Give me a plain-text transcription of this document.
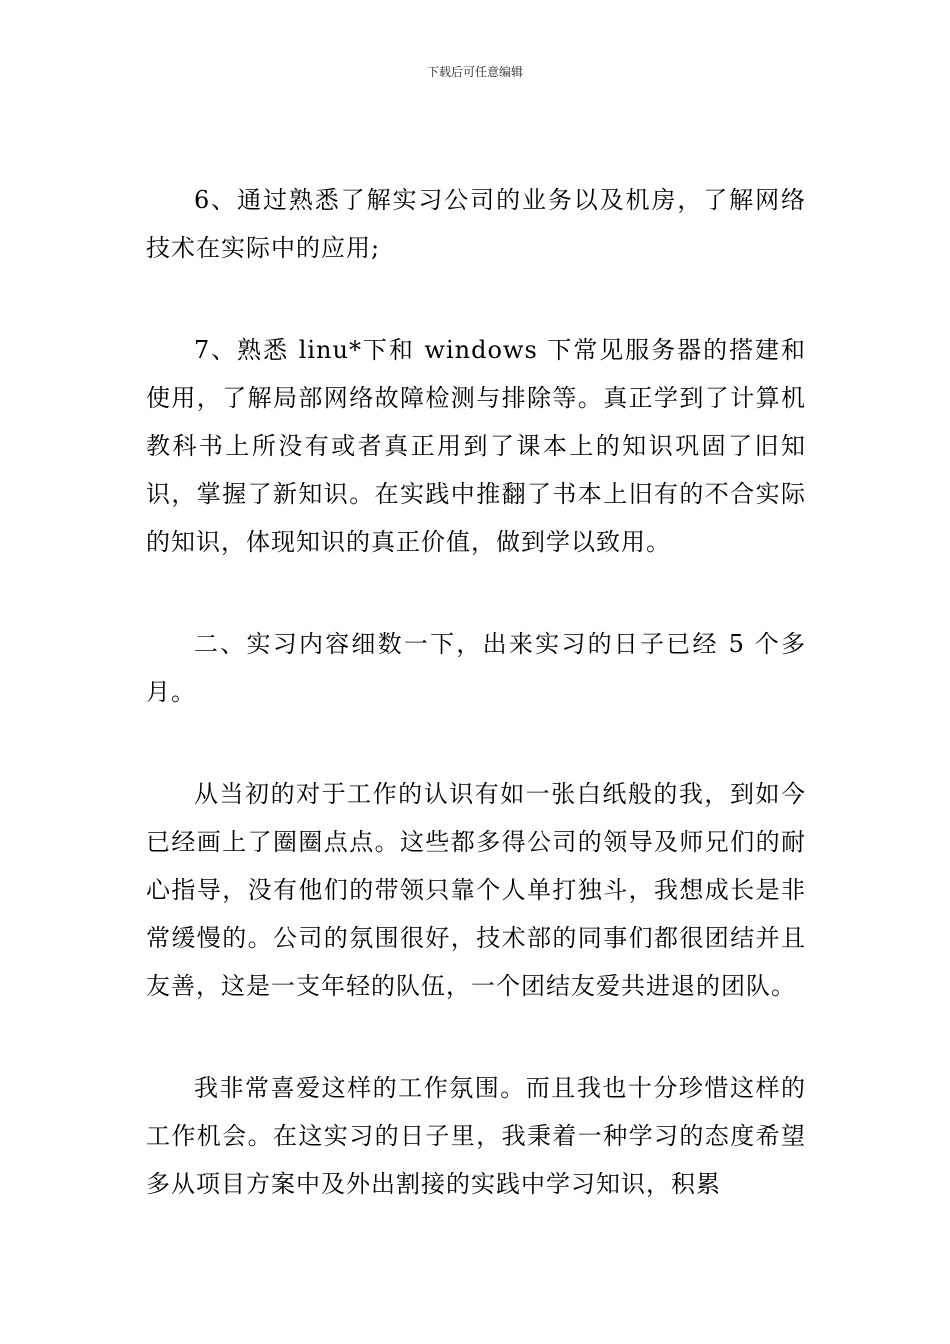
下载后可任意编辑

6、通过熟悉了解实习公司的业务以及机房，了解网络技术在实际中的应用;

7、熟悉 linu*下和 windows 下常见服务器的搭建和使用，了解局部网络故障检测与排除等。真正学到了计算机教科书上所没有或者真正用到了课本上的知识巩固了旧知识，掌握了新知识。在实践中推翻了书本上旧有的不合实际的知识，体现知识的真正价值，做到学以致用。

二、实习内容细数一下，出来实习的日子已经 5 个多月。

从当初的对于工作的认识有如一张白纸般的我，到如今已经画上了圈圈点点。这些都多得公司的领导及师兄们的耐心指导，没有他们的带领只靠个人单打独斗，我想成长是非常缓慢的。公司的氛围很好，技术部的同事们都很团结并且友善，这是一支年轻的队伍，一个团结友爱共进退的团队。

我非常喜爱这样的工作氛围。而且我也十分珍惜这样的工作机会。在这实习的日子里，我秉着一种学习的态度希望多从项目方案中及外出割接的实践中学习知识，积累
